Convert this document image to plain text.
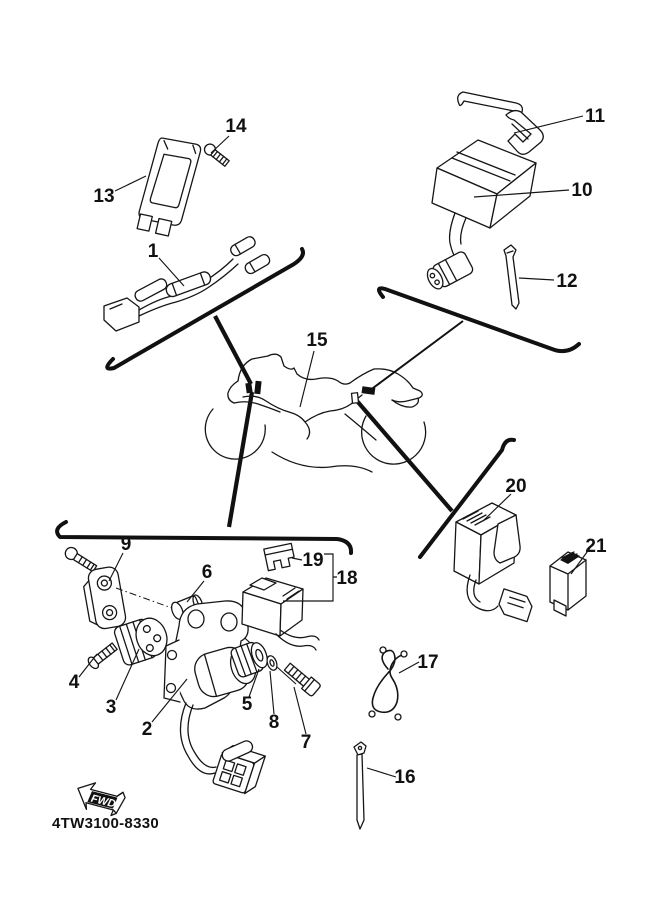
1
2
3
4
5
6
7
8
9
10
11
12
13
14
15
16
17
18
19
20
21
FWD
4TW3100-8330
